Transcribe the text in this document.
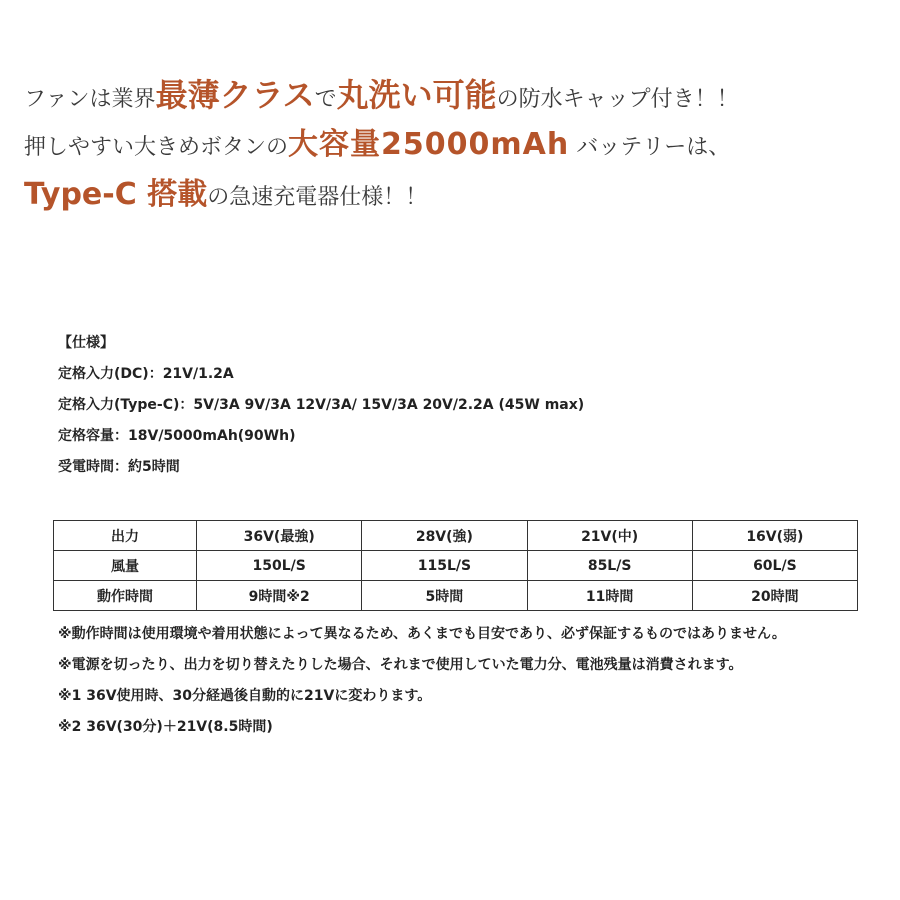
ファンは業界最薄クラスで丸洗い可能の防水キャップ付き！！
押しやすい大きめボタンの大容量25000mAh バッテリーは、
Type-C 搭載の急速充電器仕様！！
【仕様】
定格入力(DC)：21V/1.2A
定格入力(Type-C)：5V/3A 9V/3A 12V/3A/ 15V/3A 20V/2.2A (45W max)
定格容量：18V/5000mAh(90Wh)
受電時間：約5時間
出力	36V(最強)	28V(強)	21V(中)	16V(弱)
風量	150L/S	115L/S	85L/S	60L/S
動作時間	9時間※2	5時間	11時間	20時間
※動作時間は使用環境や着用状態によって異なるため、あくまでも目安であり、必ず保証するものではありません。
※電源を切ったり、出力を切り替えたりした場合、それまで使用していた電力分、電池残量は消費されます。
※1 36V使用時、30分経過後自動的に21Vに変わります。
※2 36V(30分)＋21V(8.5時間)
